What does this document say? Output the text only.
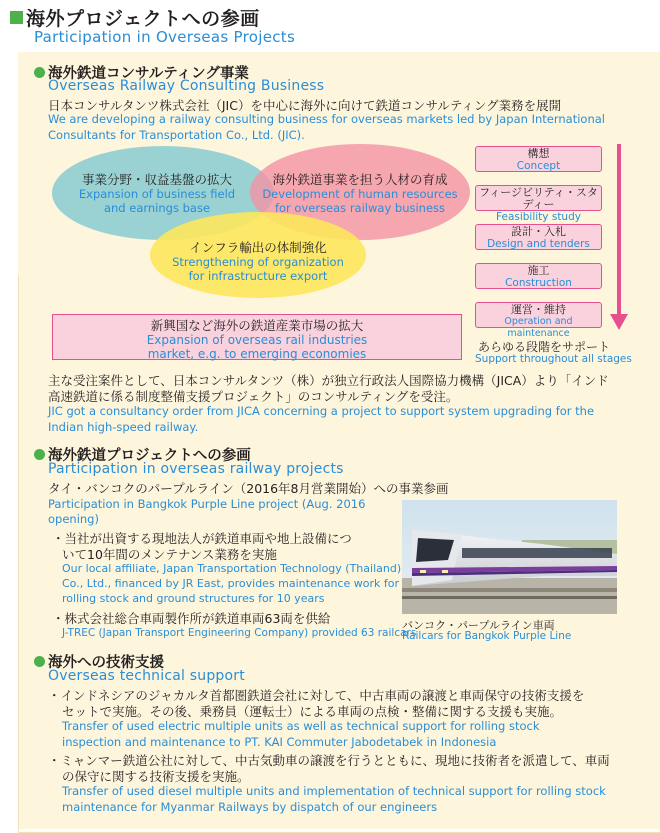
海外プロジェクトへの参画
Participation in Overseas Projects
海外鉄道コンサルティング事業
Overseas Railway Consulting Business
日本コンサルタンツ株式会社（JIC）を中心に海外に向けて鉄道コンサルティング業務を展開
We are developing a railway consulting business for overseas markets led by Japan International
Consultants for Transportation Co., Ltd. (JIC).
事業分野・収益基盤の拡大
Expansion of business field
and earnings base
海外鉄道事業を担う人材の育成
Development of human resources
for overseas railway business
インフラ輸出の体制強化
Strengthening of organization
for infrastructure export
新興国など海外の鉄道産業市場の拡大
Expansion of overseas rail industries
market, e.g. to emerging economies
構想
Concept
フィージビリティ・スタディー
Feasibility study
設計・入札
Design and tenders
施工
Construction
運営・維持
Operation and maintenance
あらゆる段階をサポート
Support throughout all stages
主な受注案件として、日本コンサルタンツ（株）が独立行政法人国際協力機構（JICA）より「インド
高速鉄道に係る制度整備支援プロジェクト」のコンサルティングを受注。
JIC got a consultancy order from JICA concerning a project to support system upgrading for the
Indian high-speed railway.
海外鉄道プロジェクトへの参画
Participation in overseas railway projects
タイ・バンコクのパープルライン（2016年8月営業開始）への事業参画
Participation in Bangkok Purple Line project (Aug. 2016
opening)
・当社が出資する現地法人が鉄道車両や地上設備につ
いて10年間のメンテナンス業務を実施
Our local affiliate, Japan Transportation Technology (Thailand)
Co., Ltd., financed by JR East, provides maintenance work for
rolling stock and ground structures for 10 years
・株式会社総合車両製作所が鉄道車両63両を供給
J-TREC (Japan Transport Engineering Company) provided 63 railcars
バンコク・パープルライン車両
Railcars for Bangkok Purple Line
海外への技術支援
Overseas technical support
・インドネシアのジャカルタ首都圏鉄道会社に対して、中古車両の譲渡と車両保守の技術支援を
セットで実施。その後、乗務員（運転士）による車両の点検・整備に関する支援も実施。
Transfer of used electric multiple units as well as technical support for rolling stock
inspection and maintenance to PT. KAI Commuter Jabodetabek in Indonesia
・ミャンマー鉄道公社に対して、中古気動車の譲渡を行うとともに、現地に技術者を派遣して、車両
の保守に関する技術支援を実施。
Transfer of used diesel multiple units and implementation of technical support for rolling stock
maintenance for Myanmar Railways by dispatch of our engineers
